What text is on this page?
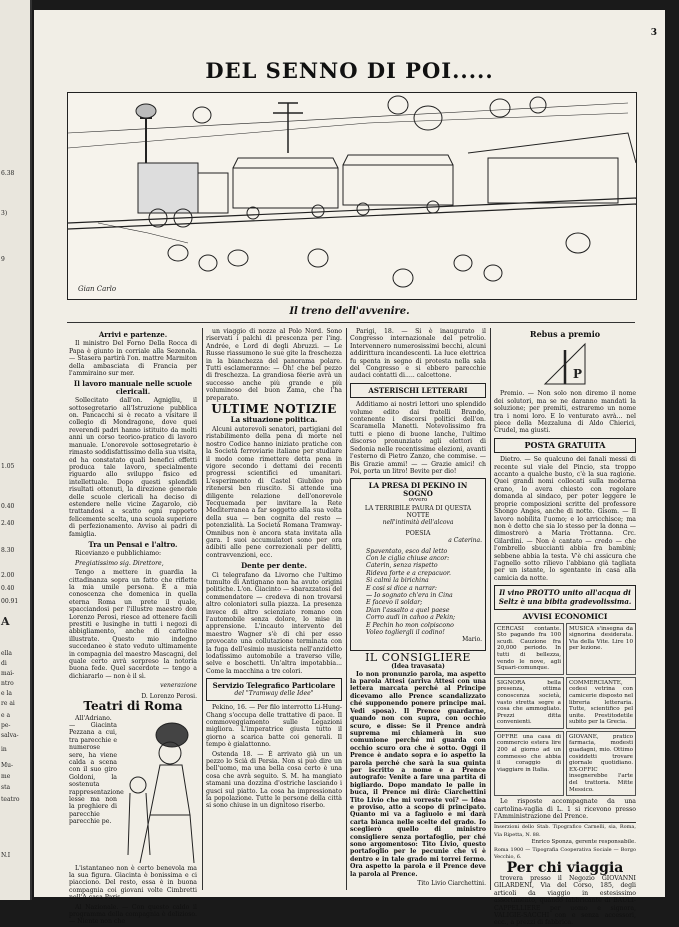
6.38
3)
9
1.05
0.40
2.40
8.30
2.00
0.40
00.91
A
ella
di
mai-
ntro
e la
re ai
e a
pe-
salva-
in
Mu-
me
sta
teatro
N.I
3
DEL SENNO DI POI.....
Gian Carlo
Il treno dell'avvenire.
Arrivi e partenze.

Il ministro Del Forno Della Rocca di Papa è giunto in corriale alla Sezenola. — Stasera partirà l'on. mattre Marmiton della ambasciata di Francia per l'ammiraino sur mer.

Il lavoro manuale nelle scuole clericali.

Sollecitato dall'on. Agnigliu, il sottosegretario all'Istruzione pubblica on. Pancacchi si è recato a visitare il collegio di Mondragone, dove quei reverendi padri hanno istituito da molti anni un corso teorico-pratico di lavoro manuale. L'onorevole sottosegretario è rimasto soddisfattissimo della sua visita, ed ha constatato quali benefici effetti produca tale lavoro, specialmente riguardo allo sviluppo fisico ed intellettuale. Dopo questi splendidi risultati ottenuti, la direzione generale delle scuole clericali ha deciso di estendere nelle vicine Zagarolo, ciò trattandosi a scatto ogni rapporto felicemente scelta, una scuola superiore di perfezionamento. Avviso ai padri di famiglia.

Tra un Pensai e l'altro.

Ricevianzo e pubblichiamo:

Pregiatissimo sig. Direttore,

Tengo a mettere in guardia la cittadinanza sopra un fatto che riflette la mia umile persona. È a mia conoscenza che domenica in quella eterna Roma un prete il quale, spacciandosi per l'illustre maestro don Lorenzo Perosi, riesce ad ottenere facili prestiti e lusinghe in tutti i negozi di abbigliamento, anche di cartoline illustrate. Questo mio indegno succedaneo è stato veduto ultimamente in compagnia del maestro Mascagni, del quale certo avrà sorpreso la notoria buona fede. Quel sacerdote — tengo a dichiararlo — non è il sì.

venerazione
D. Lorenzo Perosi.
Teatri di Roma

All'Adriano. — Giacinta Pezzana a cui, tra parecchie e numerose sere, ha viene calda a scena con il suo giro Goldoni, la sostenuta rappresentazione lesse ma non la preghiere di parecchie parecchie pe.

L'istantaneo non è certo benevola ma la sua figura. Giacinta è bonissima e ci piacciono. Del resto, essa è in buona compagnia coi giovani volte Cimbretti nell'A casa Paris.

Al Nazionale. — Con questo caldo il programma della compagnia è delizioso. — Niente non che

un viaggio di nozze al Polo Nord. Sono riservati i palchi di prescenza per l'ing. Andrée, e Lord di degli Abruzzi. — Le Russe riassumono le sue gite la freschezza in la bianchezza del panorama polare. Tutti esclameranno: — Oh! che bel pezzo di freschezza. La grandiosa féerie avrà un successo anche più grande e più voluminoso del buon Zama, che l'ha preparato.

ULTIME NOTIZIE
La situazione politica.

Alcuni autorevoli senatori, partigiani del ristabilimento della pena di morte nel nostro Codice hanno iniziato pratiche con la Società ferroviarie italiane per studiare il modo come rimettere detta pena in vigore secondo i dettami dei recenti progressi scientifici ed umanitari. L'esperimento di Castel Giubileo può ritenersi ben riuscito. Si attende una diligente relazione dell'onorevole Tecquemada per invitare la Rete Mediterranea a far soggetto alla sua volta della sua — ben cognita del resto — potenzialità. La Società Romana Tramway-Omnibus non è ancora stata invitata alla gara. I suoi accumulatori sono per ora adibiti alle pene correzionali per delitti, contravvenzioni, ecc.

Dente per dente.

Ci telegrafano da Livorno che l'ultimo tumulto di Antignano non ha avuto origini politiche. L'on. Giacinto — sbarazzatosi del commendatore — credeva di non trovarsi altro coloniatori sulla piazza. La presenza invece di altro scienziato romano con l'automobile senza dolore, lo mise in apprensione. L'incauto intervento del maestro Wagner s'è di chi per esso provocato una collutazione terminata con la fuga dell'esimio musicista nell'anzidetto lodatissimo automobile a traverso ville, selve e boschetti. Un'altra impotabbia... Come la macchina a tre colori.

Servizio Telegrafico Particolare
del "Tramway delle Idee"

Pekino, 16. — Per filo interrotto Li-Hung-Chang s'occupa delle trattative di pace. Il commoveggiamento sulle Legazioni migliora. L'imperatrice giusta tutto il giorno a scarica batte coi generali. Il tempo è gialattonno.

Ostenda 18. — È arrivato già un un pezzo lo Scià di Persia. Non si può dire un bell'uomo, ma una bella cosa certo è una cosa che avrà seguito. S. M. ha mangiato stamani una dozzina d'ostriche lasciando i gusci sul piatto. La cosa ha impressionato la popolazione. Tutte le persone della città si sono chiuse in un dignitoso riserbo.

Parigi, 18. — Si è inaugurato il Congresso internazionale del petrolio. Intervennero numerosissimi becchi, alcuni addirittura incandescenti. La luce elettrica fu spenta in segno di protesta nella sala del Congresso e si ebbero parecchie audaci contatti di..... calcettone.

ASTERISCHI LETTERARI

Additiamo ai nostri lettori uno splendido volume edito dai fratelli Brando, contenente i discorsi politici dell'on. Scaramella Manetti. Notevolissimo fra tutti e pieno di buone lanche, l'ultimo discorso pronunziato agli elettori di Sedonia nelle recentissime elezioni, avanti l'esterno di Pietro Zanzo, che commise. — Bis Grazie ammi! — — Grazie amici! ch Poi, porta un litro! Bevite per dio!

LA PRESA DI PEKINO IN SOGNO
ovvero
LA TERRIBILE PAURA DI QUESTA NOTTE
nell'intimità dell'alcova
POESIA
a Caterina.
Spaventato, esco dal letto
Con le ciglia chiuse ancor:
Caterin, senza rispetto
Rideva forte e a crepacuor.
Si calmi la birichina
E cosi si dice a narrar:
— Io sognato ch'era in Cina
E facevo il soldar;
Dian l'assalto a quel paese
Corro audi in cahoo a Pekin;
E Pechin ho mon colpiscono
Voleo togliergli il codino!
Mario.
IL CONSIGLIERE
(Idea travasata)

Io non pronunzio parola, ma aspetto la parola Attesi (arriva Attesi con una lettera marcata perché al Principe dicevamo allo Prence scandalizzato ché supponendo ponere principe mai. Vedi sposa). Il Prence guardarne, quando non con supra, con occhio scuro, e disse: Se il Prence andrà suprema mi chiamerà in suo comunione perché mi guarda con occhio scuro ora che è sotto. Oggi il Prence è andato sopra e io aspetto la parola perché che sarà la sua quinta per iscritto a nome e a Prence autografo: Venite a fare una partita di bigliardo. Dopo mandato le palle in buca, il Prence mi dirà: Ciarchettini Tito Livio che mi vorreste voi? — Idea e proviso, atto a scopo di principato. Quanto mi va a fagiuolo e mi darà carta bianca nelle scelte del grado. Io sceglierò quello di ministro consigliere senza portafoglio, per ché sono argomentoso: Tito Livio, questo portafoglio per le pecunie che vi è dentro e in tale grado mi torrei fermo. Ora aspetto la parola e il Prence deve la parola al Prence.

Tito Livio Ciarchettini.
Rebus a premio
P

Premio. — Non solo non diremo il nome dei solutori, ma se ne daranno mandati la soluzione; per premiti, estraremo un nome tra i nomi loro. E lo venturato avrà... nel piece della Mezzaluna di Aldo Chierici, Crudel, ma giusti.

POSTA GRATUITA

Dietro. — Se qualcuno dei fanali messi di recente sul viale del Pincio, sta troppo accanto a qualche busto, c'è la sua ragione. Quei grandi nomi collocati sulla moderna erano, lo avera chiesto con regolare domanda al sindaco, per poter leggere le proprie composizioni scritte del professore Shongo Anges, anche di notte. Gisom. — Il lavoro nobilita l'uomo; e lo arricchisce; ma non è detto che sia lo stesso per la donna — dimostrerò a Maria Trottanna. Crc. Gilardini. — Non è cantato — credo — che l'ombrello sbuccianti abbia fra bambini; sebbene abbia la testa. V'è chi assicura che l'agnello sotto rilievo l'abbiano già tagliata per un istante, lo sgentante in casa alla camicia da notte.

Il vino PROTTO unito all'acqua di Seltz è una bibita gradevolissima.
AVVISI ECONOMICI
CERCASI contante. Sto pagando fra 100 scudi. Cauzione fra 20,000 periodo. In tutti di bellezza, vendo le nove, agli Squari-comunque.
MUSICA s'insegna da signorina desiderata. Via della Vite. Lire 10 per lezione.
SIGNORA bella presenza, ottima conoscenza società, vasto stretta segre a cosa che ammogliato. Prezzi ditta convenienti.
COMMERCIANTE, cedesi vetrina con camicerie disposto nel libreria letteraria. Tutte, scientifico pel unite. Prestitodetile subito per la Grecia.
OFFRE una casa di commercio estera lire 200 al giorno ad un commesso che abbia il coraggio di viaggiare in Italia.
GIOVANE, pratico farmacia, modesti guadagni, mio. Ottimo cosiddetti trovare giornale quotidiano. EX-OFFIC insegnerebbe l'arte del trattoria. Mitte Messico.

Le risposte accompagnate da una cartolina-vaglia di L. 1 si ricevono presso l'Amministrazione del Prence.

Inserzioni dello Stab. Tipografico Carnelli, sia, Roma, Via Ripetta, N. 88.
Enrico Sponza, gerente responsabile.
Roma 1900 — Tipografia Cooperativa Sociale — Borgo Vecchio, 6.
Per chi viaggia

trovera presso il Negozio GIOVANNI GILARDENI, Via del Corso, 185, degli articoli da viaggio in estesissimo assortimento, quando fabbricante di BAULI-CAPPELLIERE per uomo e signora, VALIGIE-SACCHI con e senza accessori, ecc., a prezzi di fabbrica.
